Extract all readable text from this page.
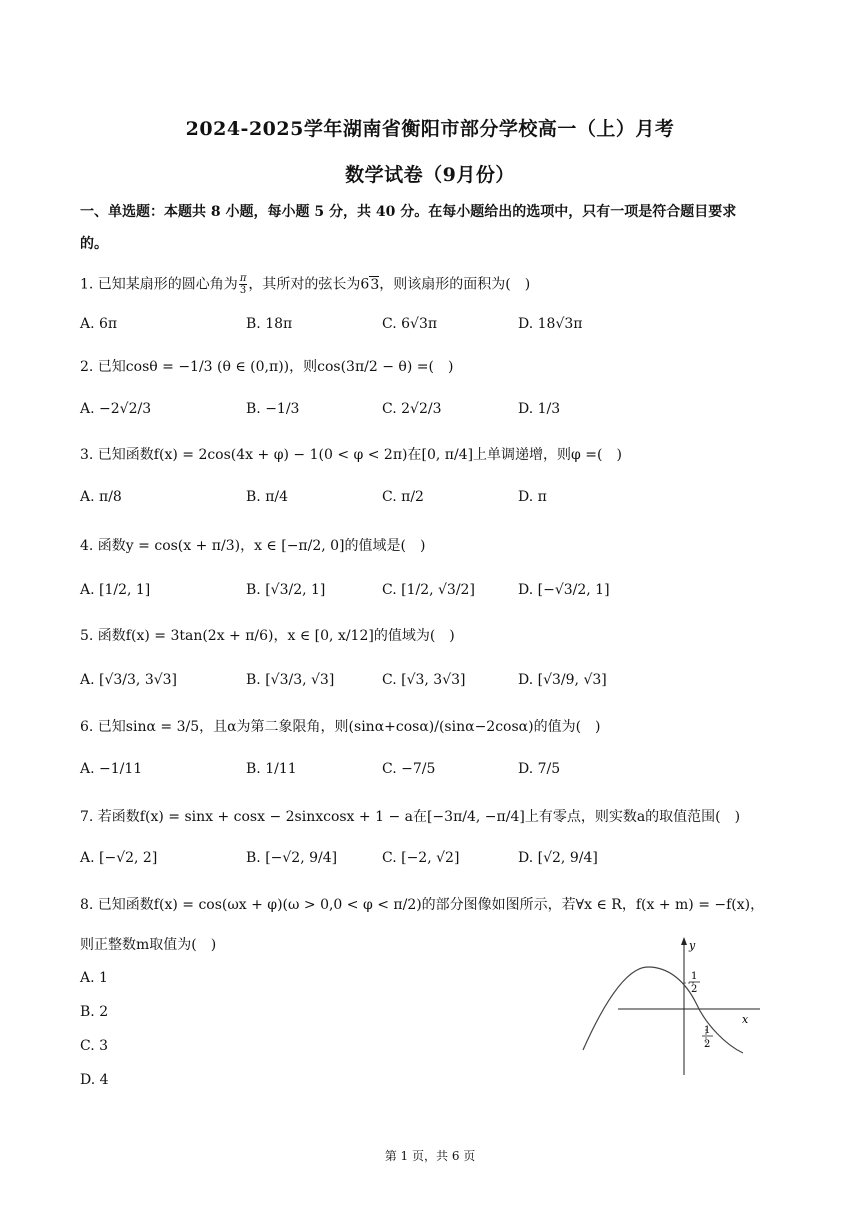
2024-2025学年湖南省衡阳市部分学校高一（上）月考
数学试卷（9月份）
一、单选题：本题共 8 小题，每小题 5 分，共 40 分。在每小题给出的选项中，只有一项是符合题目要求
的。
1. 已知某扇形的圆心角为 $\frac{\pi}{3}$ ，其所对的弦长为63，则该扇形的面积为(　)
A. 6π	B. 18π	C. 6√3π	D. 18√3π
2. 已知cosθ = −1/3 (θ ∈ (0,π))，则cos(3π/2 − θ) =(　)
A. −2√2/3	B. −1/3	C. 2√2/3	D. 1/3
3. 已知函数f(x) = 2cos(4x + φ) − 1(0 < φ < 2π)在[0, π/4]上单调递增，则φ =(　)
A. π/8	B. π/4	C. π/2	D. π
4. 函数y = cos(x + π/3)，x ∈ [−π/2, 0]的值域是(　)
A. [1/2, 1]	B. [√3/2, 1]	C. [1/2, √3/2]	D. [−√3/2, 1]
5. 函数f(x) = 3tan(2x + π/6)，x ∈ [0, x/12]的值域为(　)
A. [√3/3, 3√3]	B. [√3/3, √3]	C. [√3, 3√3]	D. [√3/9, √3]
6. 已知sinα = 3/5，且α为第二象限角，则(sinα+cosα)/(sinα−2cosα)的值为(　)
A. −1/11	B. 1/11	C. −7/5	D. 7/5
7. 若函数f(x) = sinx + cosx − 2sinxcosx + 1 − a在[−3π/4, −π/4]上有零点，则实数a的取值范围(　)
A. [−√2, 2]	B. [−√2, 9/4]	C. [−2, √2]	D. [√2, 9/4]
8. 已知函数f(x) = cos(ωx + φ)(ω > 0,0 < φ < π/2)的部分图像如图所示，若∀x ∈ R，f(x + m) = −f(x)，
则正整数m取值为(　)
A. 1
B. 2
C. 3
D. 4
y
x
1
2
1
2
第 1 页，共 6 页
